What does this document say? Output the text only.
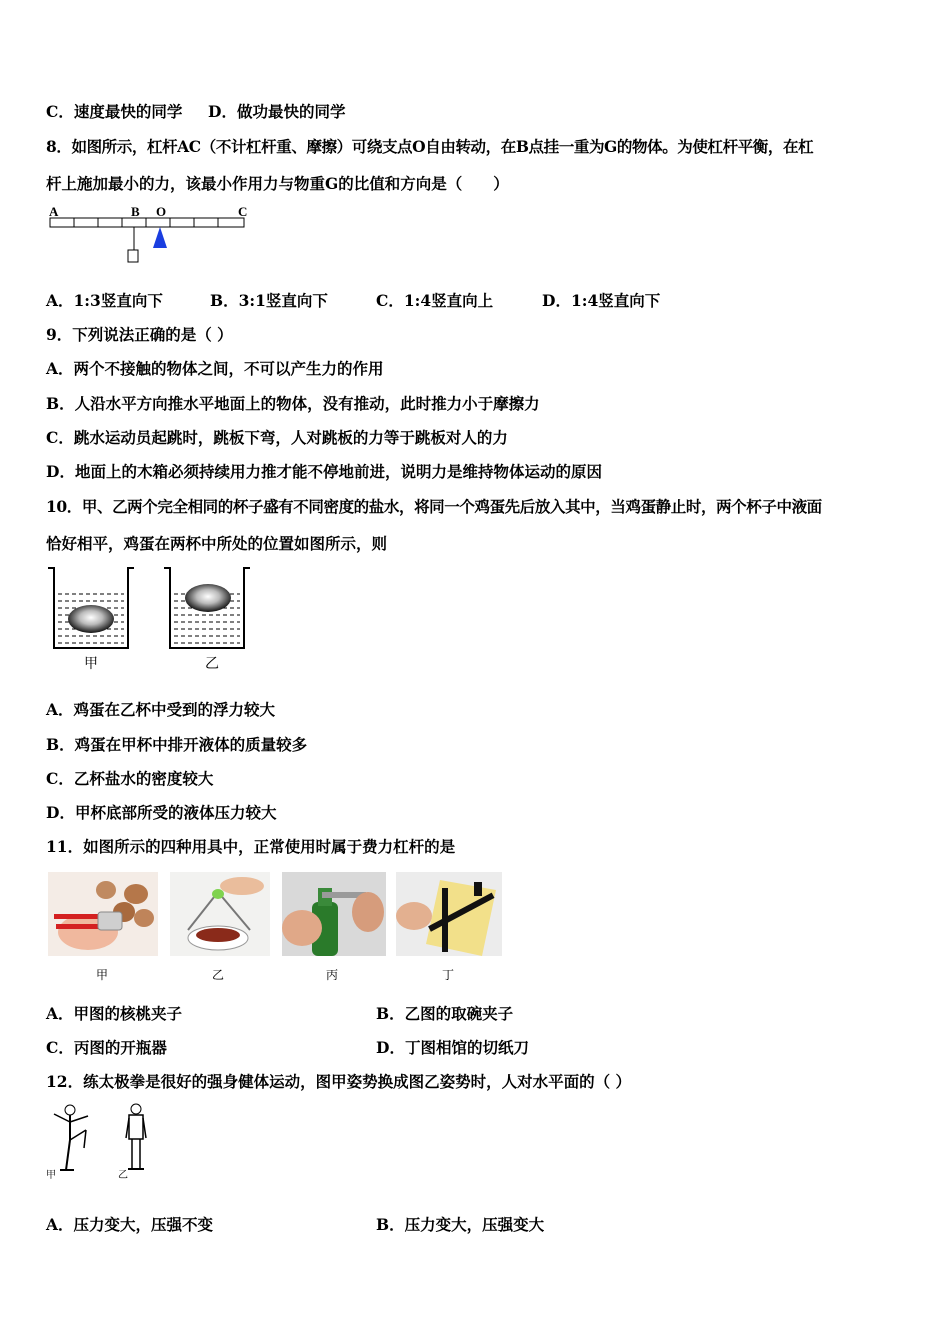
C．速度最快的同学 D．做功最快的同学
8．如图所示，杠杆AC（不计杠杆重、摩擦）可绕支点O自由转动，在B点挂一重为G的物体。为使杠杆平衡，在杠
杆上施加最小的力，该最小作用力与物重G的比值和方向是（　　）
A	B O	C
A．1:3竖直向下	B．3:1竖直向下	C．1:4竖直向上	D．1:4竖直向下
9．下列说法正确的是（ ）
A．两个不接触的物体之间，不可以产生力的作用
B．人沿水平方向推水平地面上的物体，没有推动，此时推力小于摩擦力
C．跳水运动员起跳时，跳板下弯，人对跳板的力等于跳板对人的力
D．地面上的木箱必须持续用力推才能不停地前进，说明力是维持物体运动的原因
10．甲、乙两个完全相同的杯子盛有不同密度的盐水，将同一个鸡蛋先后放入其中，当鸡蛋静止时，两个杯子中液面
恰好相平，鸡蛋在两杯中所处的位置如图所示，则
甲	乙
A．鸡蛋在乙杯中受到的浮力较大
B．鸡蛋在甲杯中排开液体的质量较多
C．乙杯盐水的密度较大
D．甲杯底部所受的液体压力较大
11．如图所示的四种用具中，正常使用时属于费力杠杆的是
甲	乙	丙	丁
A．甲图的核桃夹子	B．乙图的取碗夹子
C．丙图的开瓶器	D．丁图相馆的切纸刀
12．练太极拳是很好的强身健体运动，图甲姿势换成图乙姿势时，人对水平面的（ ）
甲	乙
A．压力变大，压强不变	B．压力变大，压强变大
